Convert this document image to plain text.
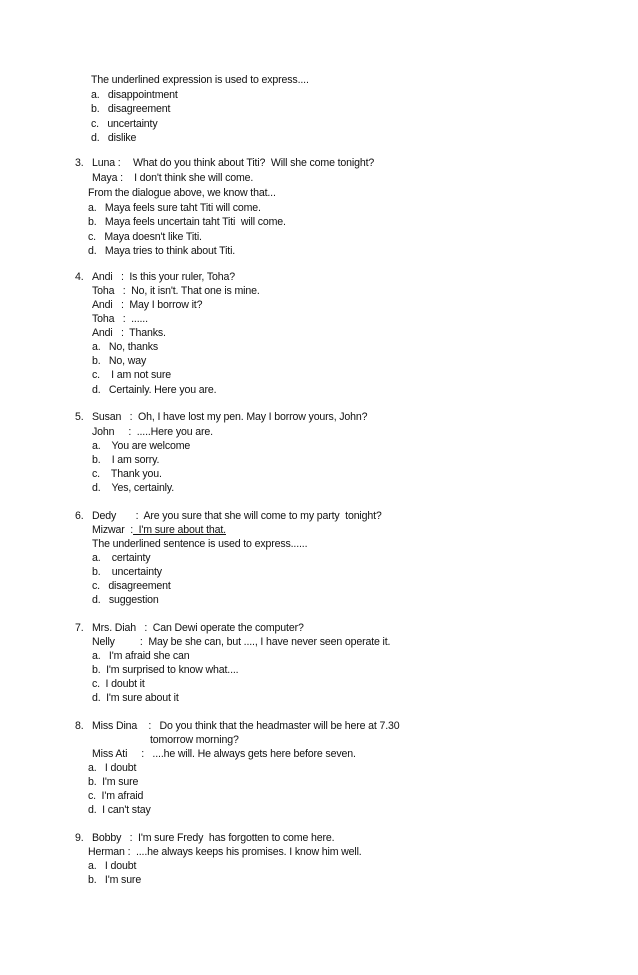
The underlined expression is used to express....
a.   disappointment
b.   disagreement
c.   uncertainty
d.   dislike
3. Luna : What do you think about Titi?  Will she come tonight?
Maya :    I don't think she will come.
From the dialogue above, we know that...
a.   Maya feels sure taht Titi will come.
b.   Maya feels uncertain taht Titi  will come.
c.   Maya doesn't like Titi.
d.   Maya tries to think about Titi.
4. Andi   :  Is this your ruler, Toha?
Toha   :  No, it isn't. That one is mine.
Andi   :  May I borrow it?
Toha   :  ......
Andi   :  Thanks.
a.   No, thanks
b.   No, way
c.    I am not sure
d.   Certainly. Here you are.
5. Susan   :  Oh, I have lost my pen. May I borrow yours, John?
John     :  .....Here you are.
a.    You are welcome
b.    I am sorry.
c.    Thank you.
d.    Yes, certainly.
6. Dedy       :  Are you sure that she will come to my party  tonight?
Mizwar  :  I'm sure about that.
The underlined sentence is used to express......
a.    certainty
b.    uncertainty
c.   disagreement
d.   suggestion
7. Mrs. Diah   :  Can Dewi operate the computer?
Nelly         :  May be she can, but ...., I have never seen operate it.
a.   I'm afraid she can
b.  I'm surprised to know what....
c.  I doubt it
d.  I'm sure about it
8. Miss Dina    :   Do you think that the headmaster will be here at 7.30
tomorrow morning?
Miss Ati     :   ....he will. He always gets here before seven.
a.   I doubt
b.  I'm sure
c.  I'm afraid
d.  I can't stay
9. Bobby   :  I'm sure Fredy  has forgotten to come here.
Herman :  ....he always keeps his promises. I know him well.
a.   I doubt
b.   I'm sure
